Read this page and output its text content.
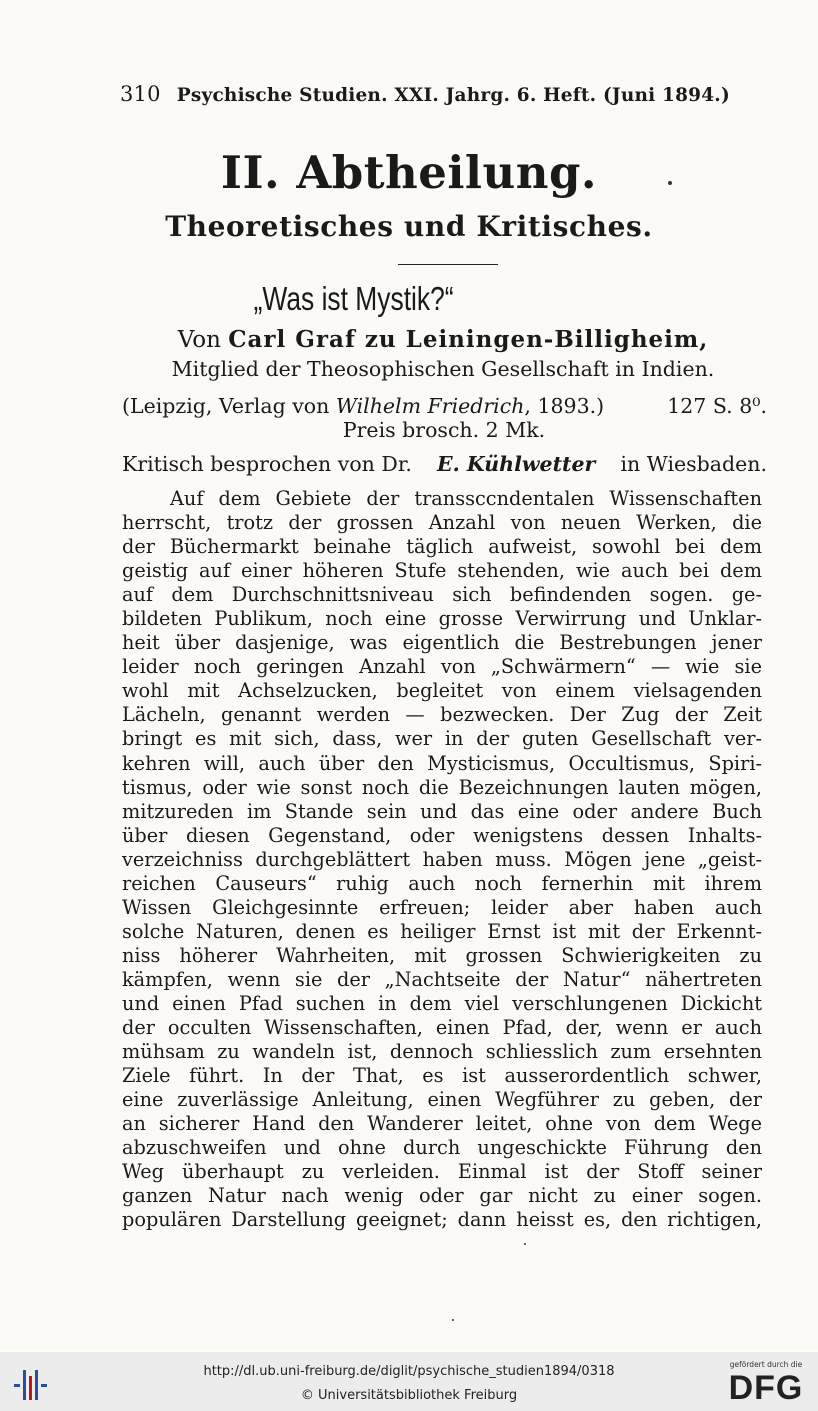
310 Psychische Studien. XXI. Jahrg. 6. Heft. (Juni 1894.)
II. Abtheilung.
Theoretisches und Kritisches.
„Was ist Mystik?“
Von Carl Graf zu Leiningen-Billigheim,
Mitglied der Theosophischen Gesellschaft in Indien.
(Leipzig, Verlag von Wilhelm Friedrich, 1893.)	127 S. 8⁰.
Preis brosch. 2 Mk.
Kritisch besprochen von Dr. E. Kühlwetter in Wiesbaden.
Auf dem Gebiete der transsccndentalen Wissenschaften
herrscht, trotz der grossen Anzahl von neuen Werken, die
der Büchermarkt beinahe täglich aufweist, sowohl bei dem
geistig auf einer höheren Stufe stehenden, wie auch bei dem
auf dem Durchschnittsniveau sich befindenden sogen. ge-
bildeten Publikum, noch eine grosse Verwirrung und Unklar-
heit über dasjenige, was eigentlich die Bestrebungen jener
leider noch geringen Anzahl von „Schwärmern“ — wie sie
wohl mit Achselzucken, begleitet von einem vielsagenden
Lächeln, genannt werden — bezwecken. Der Zug der Zeit
bringt es mit sich, dass, wer in der guten Gesellschaft ver-
kehren will, auch über den Mysticismus, Occultismus, Spiri-
tismus, oder wie sonst noch die Bezeichnungen lauten mögen,
mitzureden im Stande sein und das eine oder andere Buch
über diesen Gegenstand, oder wenigstens dessen Inhalts-
verzeichniss durchgeblättert haben muss. Mögen jene „geist-
reichen Causeurs“ ruhig auch noch fernerhin mit ihrem
Wissen Gleichgesinnte erfreuen; leider aber haben auch
solche Naturen, denen es heiliger Ernst ist mit der Erkennt-
niss höherer Wahrheiten, mit grossen Schwierigkeiten zu
kämpfen, wenn sie der „Nachtseite der Natur“ nähertreten
und einen Pfad suchen in dem viel verschlungenen Dickicht
der occulten Wissenschaften, einen Pfad, der, wenn er auch
mühsam zu wandeln ist, dennoch schliesslich zum ersehnten
Ziele führt. In der That, es ist ausserordentlich schwer,
eine zuverlässige Anleitung, einen Wegführer zu geben, der
an sicherer Hand den Wanderer leitet, ohne von dem Wege
abzuschweifen und ohne durch ungeschickte Führung den
Weg überhaupt zu verleiden. Einmal ist der Stoff seiner
ganzen Natur nach wenig oder gar nicht zu einer sogen.
populären Darstellung geeignet; dann heisst es, den richtigen,
http://dl.ub.uni-freiburg.de/diglit/psychische_studien1894/0318
© Universitätsbibliothek Freiburg
gefördert durch die
DFG
